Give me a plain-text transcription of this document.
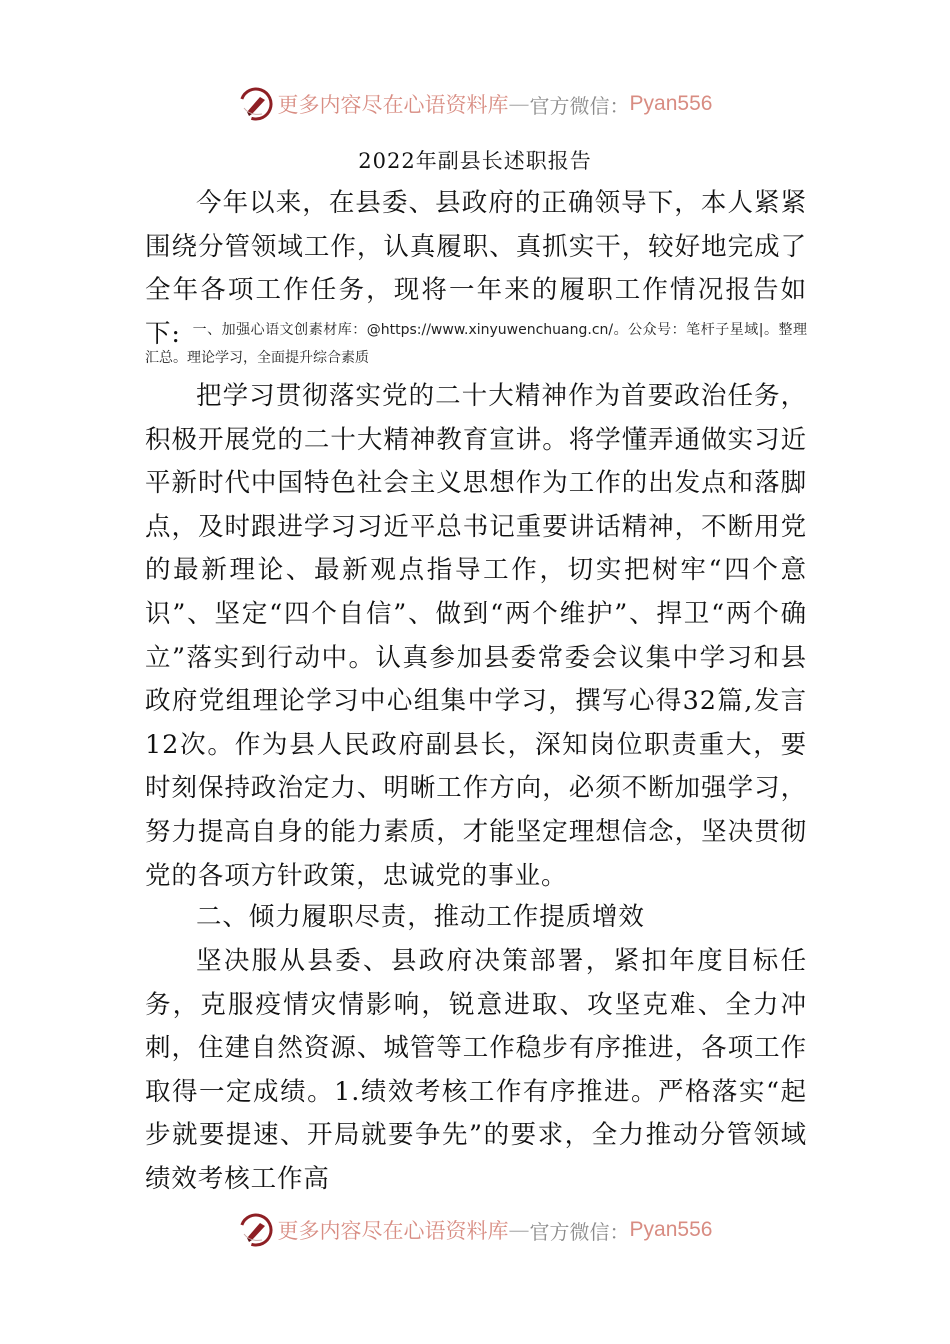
更多内容尽在心语资料库 — 官方微信： Pyan556
2022年副县长述职报告

今年以来，在县委、县政府的正确领导下，本人紧紧围绕分管领域工作，认真履职、真抓实干，较好地完成了全年各项工作任务，现将一年来的履职工作情况报告如下: 一、加强心语文创素材库：@https://www.xinyuwenchuang.cn/。公众号：笔杆子星域|。整理汇总。理论学习，全面提升综合素质

把学习贯彻落实党的二十大精神作为首要政治任务，积极开展党的二十大精神教育宣讲。将学懂弄通做实习近平新时代中国特色社会主义思想作为工作的出发点和落脚点，及时跟进学习习近平总书记重要讲话精神，不断用党的最新理论、最新观点指导工作，切实把树牢“四个意识”、坚定“四个自信”、做到“两个维护”、捍卫“两个确立”落实到行动中。认真参加县委常委会议集中学习和县政府党组理论学习中心组集中学习，撰写心得32篇,发言12次。作为县人民政府副县长，深知岗位职责重大，要时刻保持政治定力、明晰工作方向，必须不断加强学习，努力提高自身的能力素质，才能坚定理想信念，坚决贯彻党的各项方针政策，忠诚党的事业。

二、倾力履职尽责，推动工作提质增效

坚决服从县委、县政府决策部署，紧扣年度目标任务，克服疫情灾情影响，锐意进取、攻坚克难、全力冲刺，住建自然资源、城管等工作稳步有序推进，各项工作取得一定成绩。1.绩效考核工作有序推进。严格落实“起步就要提速、开局就要争先”的要求，全力推动分管领域绩效考核工作高

更多内容尽在心语资料库 — 官方微信： Pyan556
